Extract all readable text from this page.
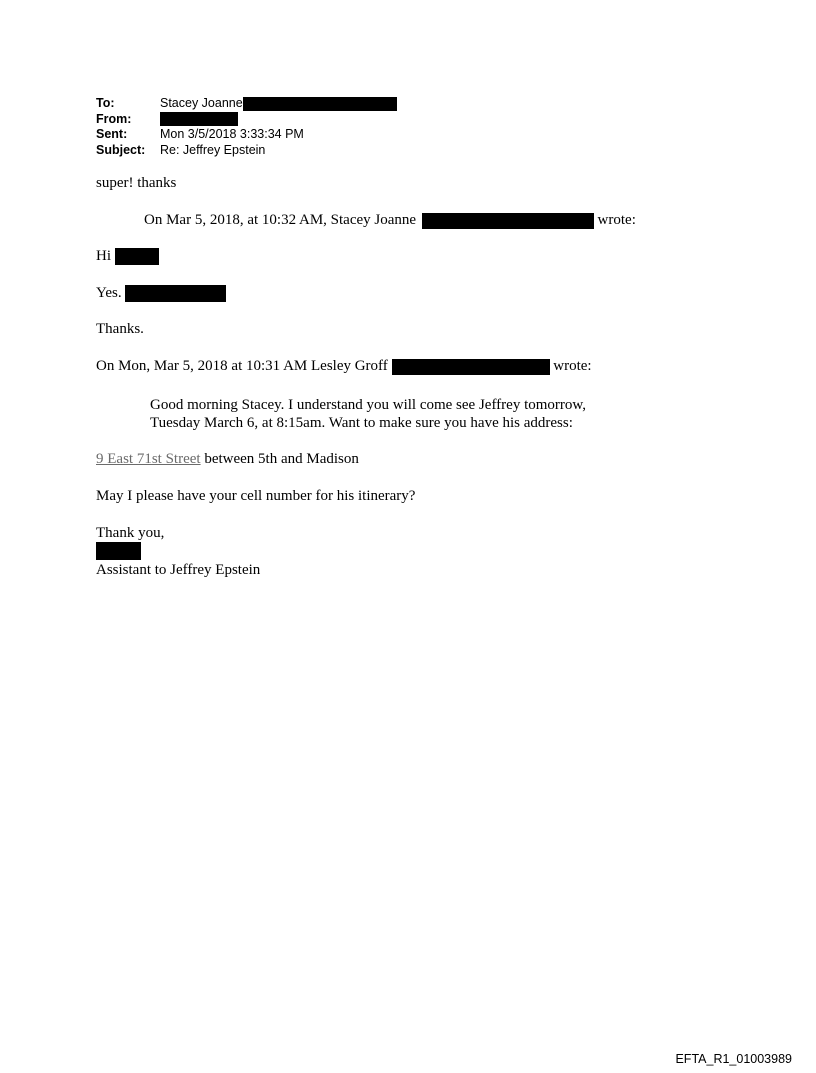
To:	Stacey Joanne
From:
Sent:	Mon 3/5/2018 3:33:34 PM
Subject:	Re: Jeffrey Epstein
super! thanks
On Mar 5, 2018, at 10:32 AM, Stacey Joanne	wrote:
Hi
Yes.
Thanks.
On Mon, Mar 5, 2018 at 10:31 AM Lesley Groff	wrote:
Good morning Stacey. I understand you will come see Jeffrey tomorrow,
Tuesday March 6, at 8:15am. Want to make sure you have his address:
9 East 71st Street between 5th and Madison
May I please have your cell number for his itinerary?
Thank you,
Assistant to Jeffrey Epstein
EFTA_R1_01003989
